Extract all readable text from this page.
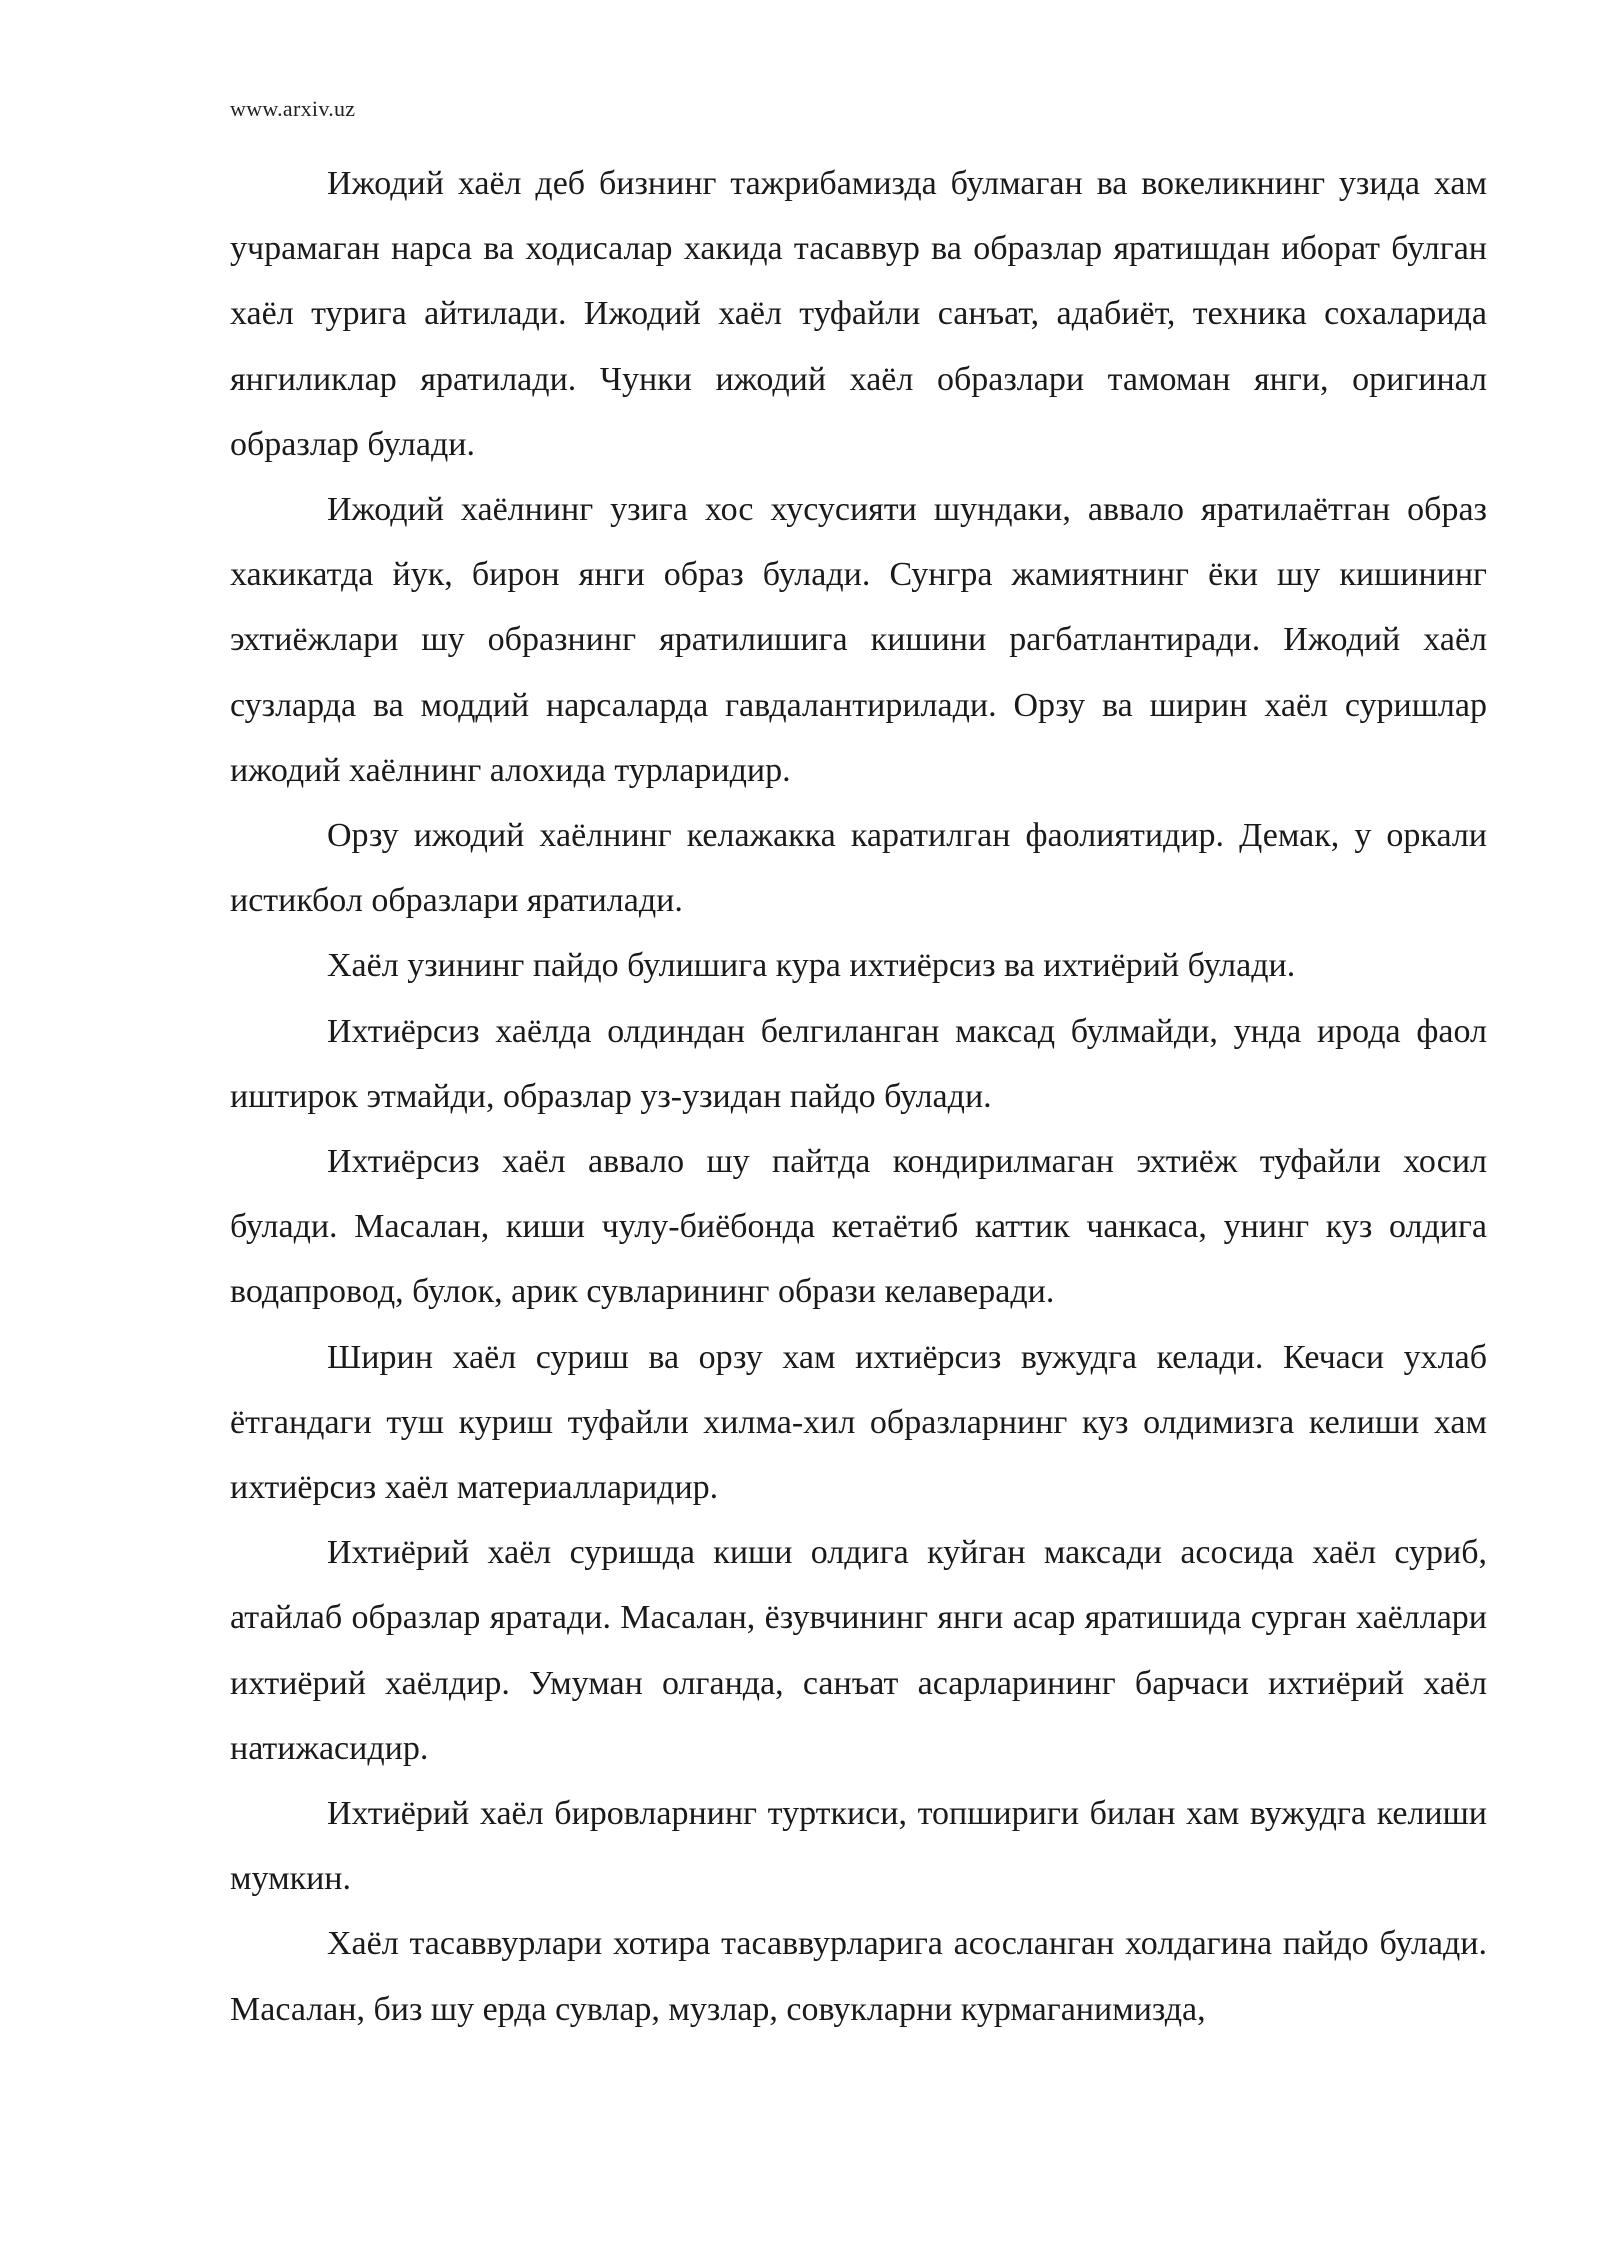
www.arxiv.uz

Ижодий хаёл деб бизнинг тажрибамизда булмаган ва вокеликнинг узида хам учрамаган нарса ва ходисалар хакида тасаввур ва образлар яратишдан иборат булган хаёл турига айтилади. Ижодий хаёл туфайли санъат, адабиёт, техника сохаларида янгиликлар яратилади. Чунки ижодий хаёл образлари тамоман янги, оригинал образлар булади.

Ижодий хаёлнинг узига хос хусусияти шундаки, аввало яратилаётган образ хакикатда йук, бирон янги образ булади. Сунгра жамиятнинг ёки шу кишининг эхтиёжлари шу образнинг яратилишига кишини рагбатлантиради. Ижодий хаёл сузларда ва моддий нарсаларда гавдалантирилади. Орзу ва ширин хаёл суришлар ижодий хаёлнинг алохида турларидир.

Орзу ижодий хаёлнинг келажакка каратилган фаолиятидир. Демак, у оркали истикбол образлари яратилади.

Хаёл узининг пайдо булишига кура ихтиёрсиз ва ихтиёрий булади.

Ихтиёрсиз хаёлда олдиндан белгиланган максад булмайди, унда ирода фаол иштирок этмайди, образлар уз-узидан пайдо булади.

Ихтиёрсиз хаёл аввало шу пайтда кондирилмаган эхтиёж туфайли хосил булади. Масалан, киши чулу-биёбонда кетаётиб каттик чанкаса, унинг куз олдига водапровод, булок, арик сувларининг образи келаверади.

Ширин хаёл суриш ва орзу хам ихтиёрсиз вужудга келади. Кечаси ухлаб ётгандаги туш куриш туфайли хилма-хил образларнинг куз олдимизга келиши хам ихтиёрсиз хаёл материалларидир.

Ихтиёрий хаёл суришда киши олдига куйган максади асосида хаёл суриб, атайлаб образлар яратади. Масалан, ёзувчининг янги асар яратишида сурган хаёллари ихтиёрий хаёлдир. Умуман олганда, санъат асарларининг барчаси ихтиёрий хаёл натижасидир.

Ихтиёрий хаёл бировларнинг турткиси, топшириги билан хам вужудга келиши мумкин.

Хаёл тасаввурлари хотира тасаввурларига асосланган холдагина пайдо булади. Масалан, биз шу ерда сувлар, музлар, совукларни курмаганимизда,
